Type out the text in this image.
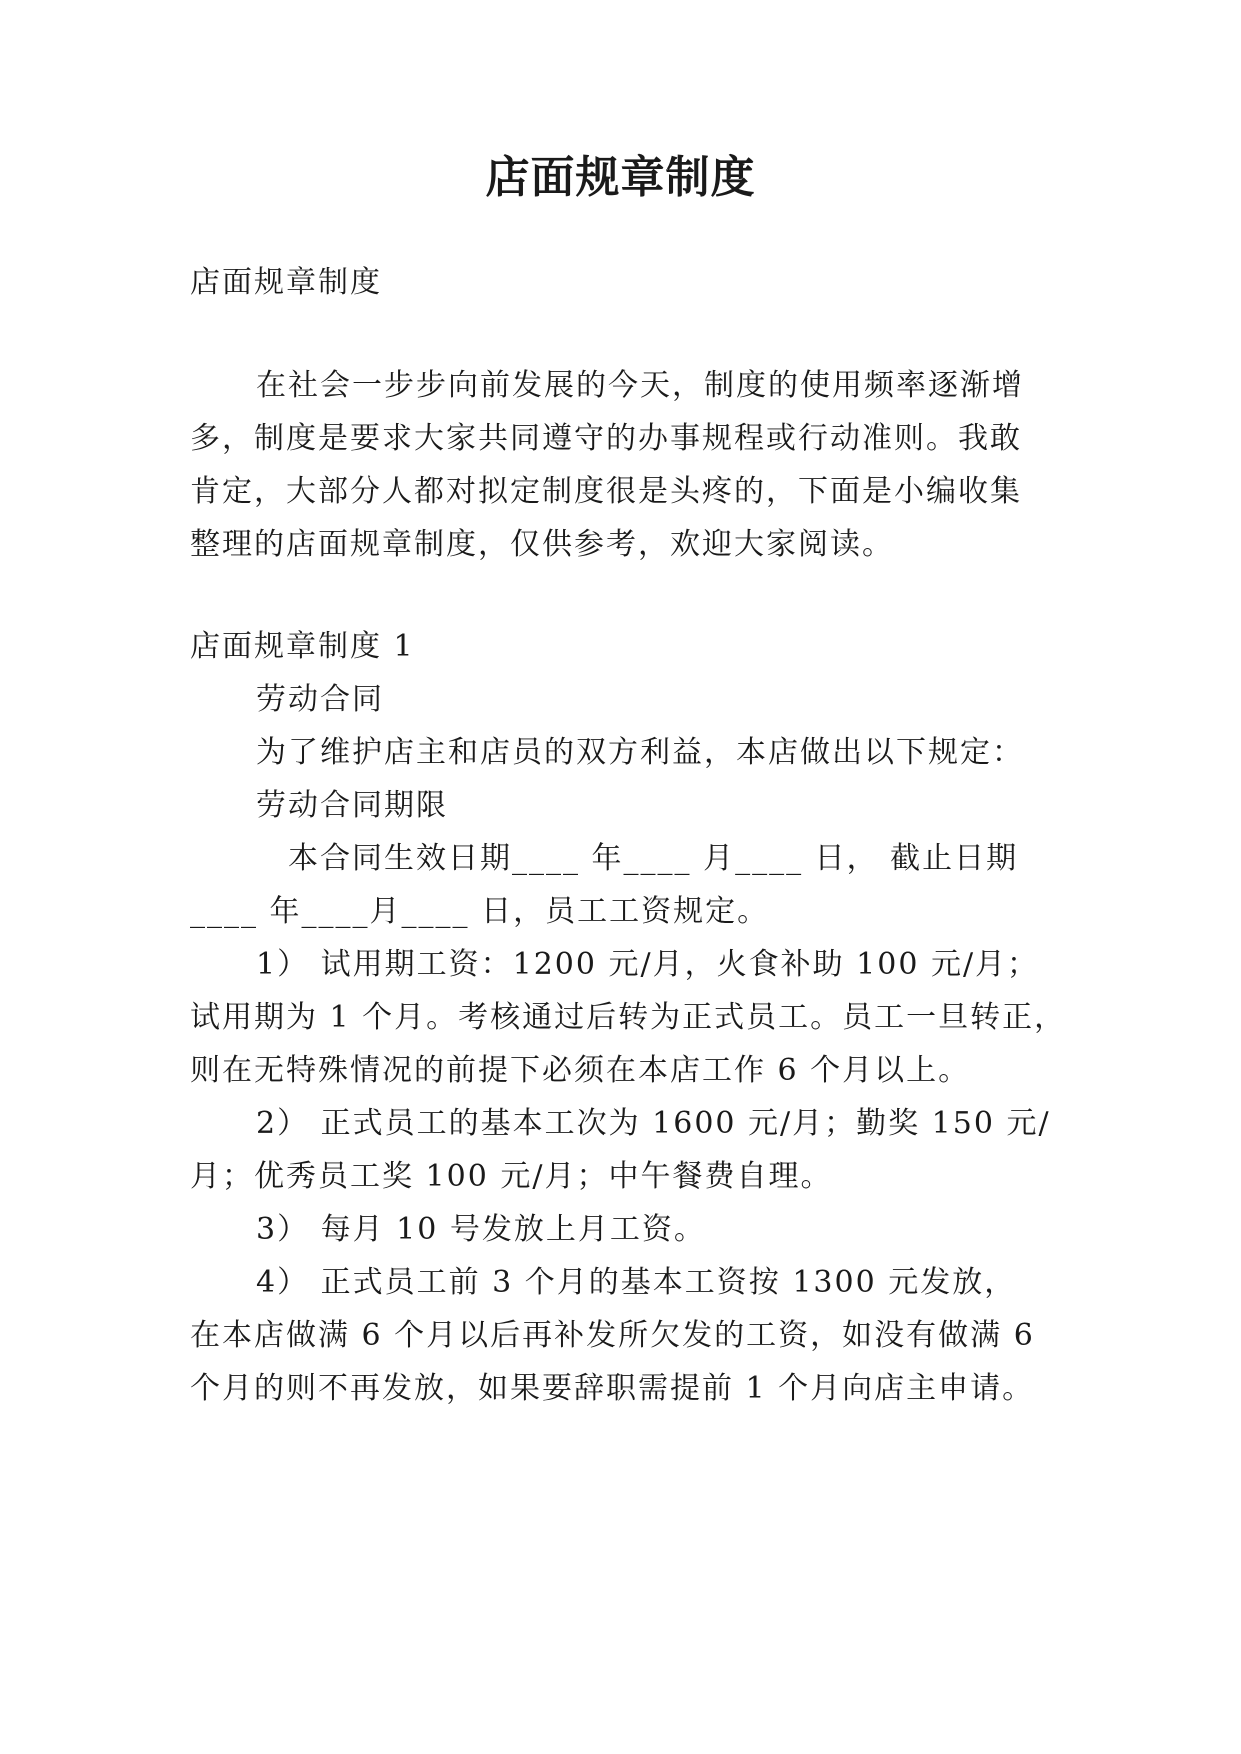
店面规章制度
店面规章制度
在社会一步步向前发展的今天，制度的使用频率逐渐增
多，制度是要求大家共同遵守的办事规程或行动准则。我敢
肯定，大部分人都对拟定制度很是头疼的，下面是小编收集
整理的店面规章制度，仅供参考，欢迎大家阅读。
店面规章制度 1
劳动合同
为了维护店主和店员的双方利益，本店做出以下规定：
劳动合同期限
本合同生效日期____ 年____ 月____ 日， 截止日期
____ 年____月____ 日，员工工资规定。
1） 试用期工资：1200 元/月，火食补助 100 元/月；
试用期为 1 个月。考核通过后转为正式员工。员工一旦转正，
则在无特殊情况的前提下必须在本店工作 6 个月以上。
2） 正式员工的基本工次为 1600 元/月；勤奖 150 元/
月；优秀员工奖 100 元/月；中午餐费自理。
3） 每月 10 号发放上月工资。
4） 正式员工前 3 个月的基本工资按 1300 元发放，
在本店做满 6 个月以后再补发所欠发的工资，如没有做满 6
个月的则不再发放，如果要辞职需提前 1 个月向店主申请。
